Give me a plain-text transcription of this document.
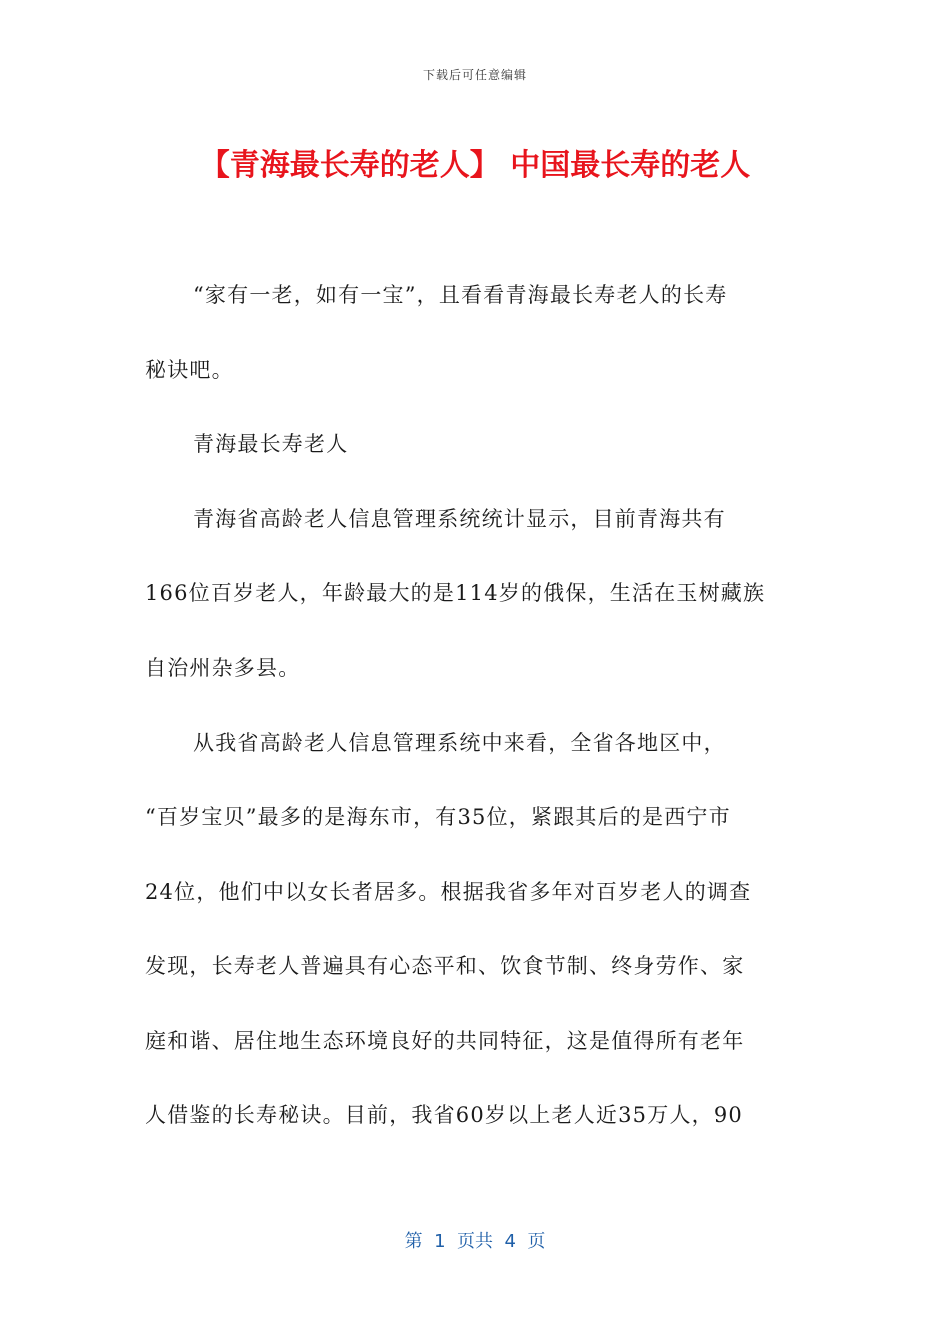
下载后可任意编辑
【青海最长寿的老人】 中国最长寿的老人
“家有一老，如有一宝”，且看看青海最长寿老人的长寿
秘诀吧。
青海最长寿老人
青海省高龄老人信息管理系统统计显示，目前青海共有
166位百岁老人，年龄最大的是114岁的俄保，生活在玉树藏族
自治州杂多县。
从我省高龄老人信息管理系统中来看，全省各地区中，
“百岁宝贝”最多的是海东市，有35位，紧跟其后的是西宁市
24位，他们中以女长者居多。根据我省多年对百岁老人的调查
发现，长寿老人普遍具有心态平和、饮食节制、终身劳作、家
庭和谐、居住地生态环境良好的共同特征，这是值得所有老年
人借鉴的长寿秘诀。目前，我省60岁以上老人近35万人，90
第  1  页共  4  页
